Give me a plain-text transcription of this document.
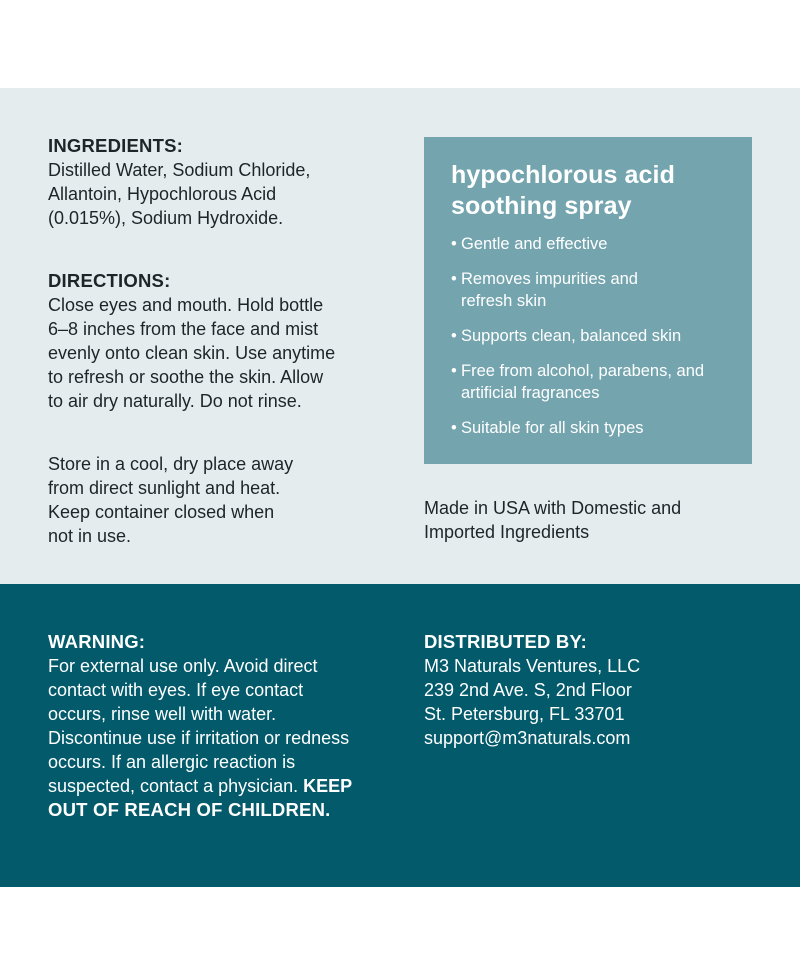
INGREDIENTS:

Distilled Water, Sodium Chloride,

Allantoin, Hypochlorous Acid

(0.015%), Sodium Hydroxide.

DIRECTIONS:

Close eyes and mouth. Hold bottle

6–8 inches from the face and mist

evenly onto clean skin. Use anytime

to refresh or soothe the skin. Allow

to air dry naturally. Do not rinse.

Store in a cool, dry place away

from direct sunlight and heat.

Keep container closed when

not in use.

hypochlorous acid
soothing spray
• Gentle and effective
• Removes impurities and
refresh skin
• Supports clean, balanced skin
• Free from alcohol, parabens, and
artificial fragrances
• Suitable for all skin types
Made in USA with Domestic and
Imported Ingredients

WARNING:

For external use only. Avoid direct

contact with eyes. If eye contact

occurs, rinse well with water.

Discontinue use if irritation or redness

occurs. If an allergic reaction is

suspected, contact a physician. KEEP

OUT OF REACH OF CHILDREN.

DISTRIBUTED BY:

M3 Naturals Ventures, LLC

239 2nd Ave. S, 2nd Floor

St. Petersburg, FL 33701

support@m3naturals.com
